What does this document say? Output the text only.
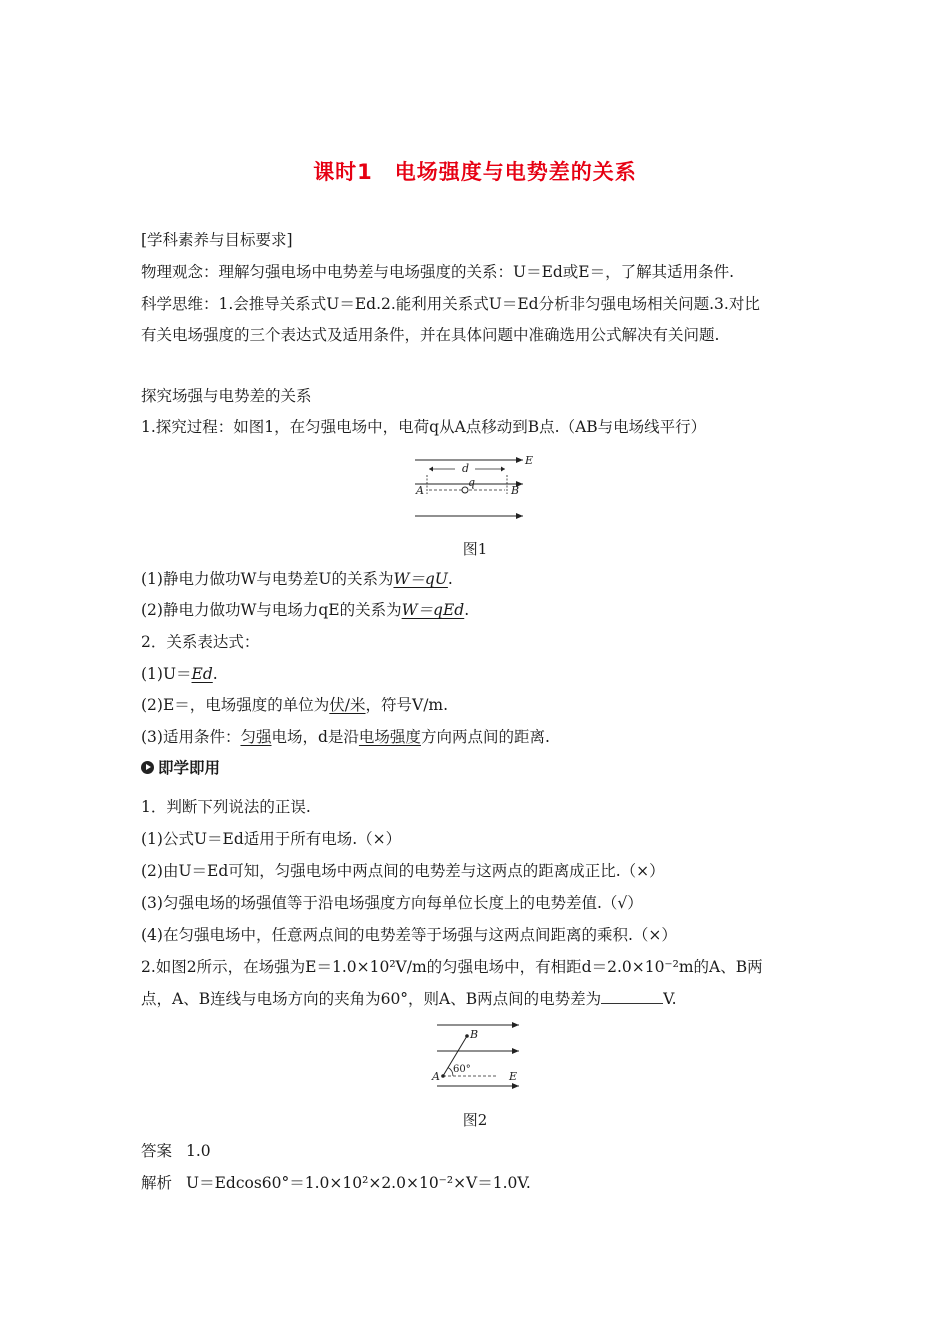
课时1　电场强度与电势差的关系
[学科素养与目标要求]
物理观念：理解匀强电场中电势差与电场强度的关系：U＝Ed或E＝，了解其适用条件.
科学思维：1.会推导关系式U＝Ed.2.能利用关系式U＝Ed分析非匀强电场相关问题.3.对比
有关电场强度的三个表达式及适用条件，并在具体问题中准确选用公式解决有关问题.
探究场强与电势差的关系
1.探究过程：如图1，在匀强电场中，电荷q从A点移动到B点.（AB与电场线平行）
E
d
q
A	B
图1
(1)静电力做功W与电势差U的关系为W＝qU.
(2)静电力做功W与电场力qE的关系为W＝qEd.
2．关系表达式：
(1)U＝Ed.
(2)E＝，电场强度的单位为伏/米，符号V/m.
(3)适用条件：匀强电场，d是沿电场强度方向两点间的距离.
即学即用
1．判断下列说法的正误.
(1)公式U＝Ed适用于所有电场.（×）
(2)由U＝Ed可知，匀强电场中两点间的电势差与这两点的距离成正比.（×）
(3)匀强电场的场强值等于沿电场强度方向每单位长度上的电势差值.（√）
(4)在匀强电场中，任意两点间的电势差等于场强与这两点间距离的乘积.（×）
2.如图2所示，在场强为E＝1.0×10²V/m的匀强电场中，有相距d＝2.0×10⁻²m的A、B两
点，A、B连线与电场方向的夹角为60°，则A、B两点间的电势差为	V.
A
B
E
60°
图2
答案 1.0
解析 U＝Edcos60°＝1.0×10²×2.0×10⁻²×V＝1.0V.
